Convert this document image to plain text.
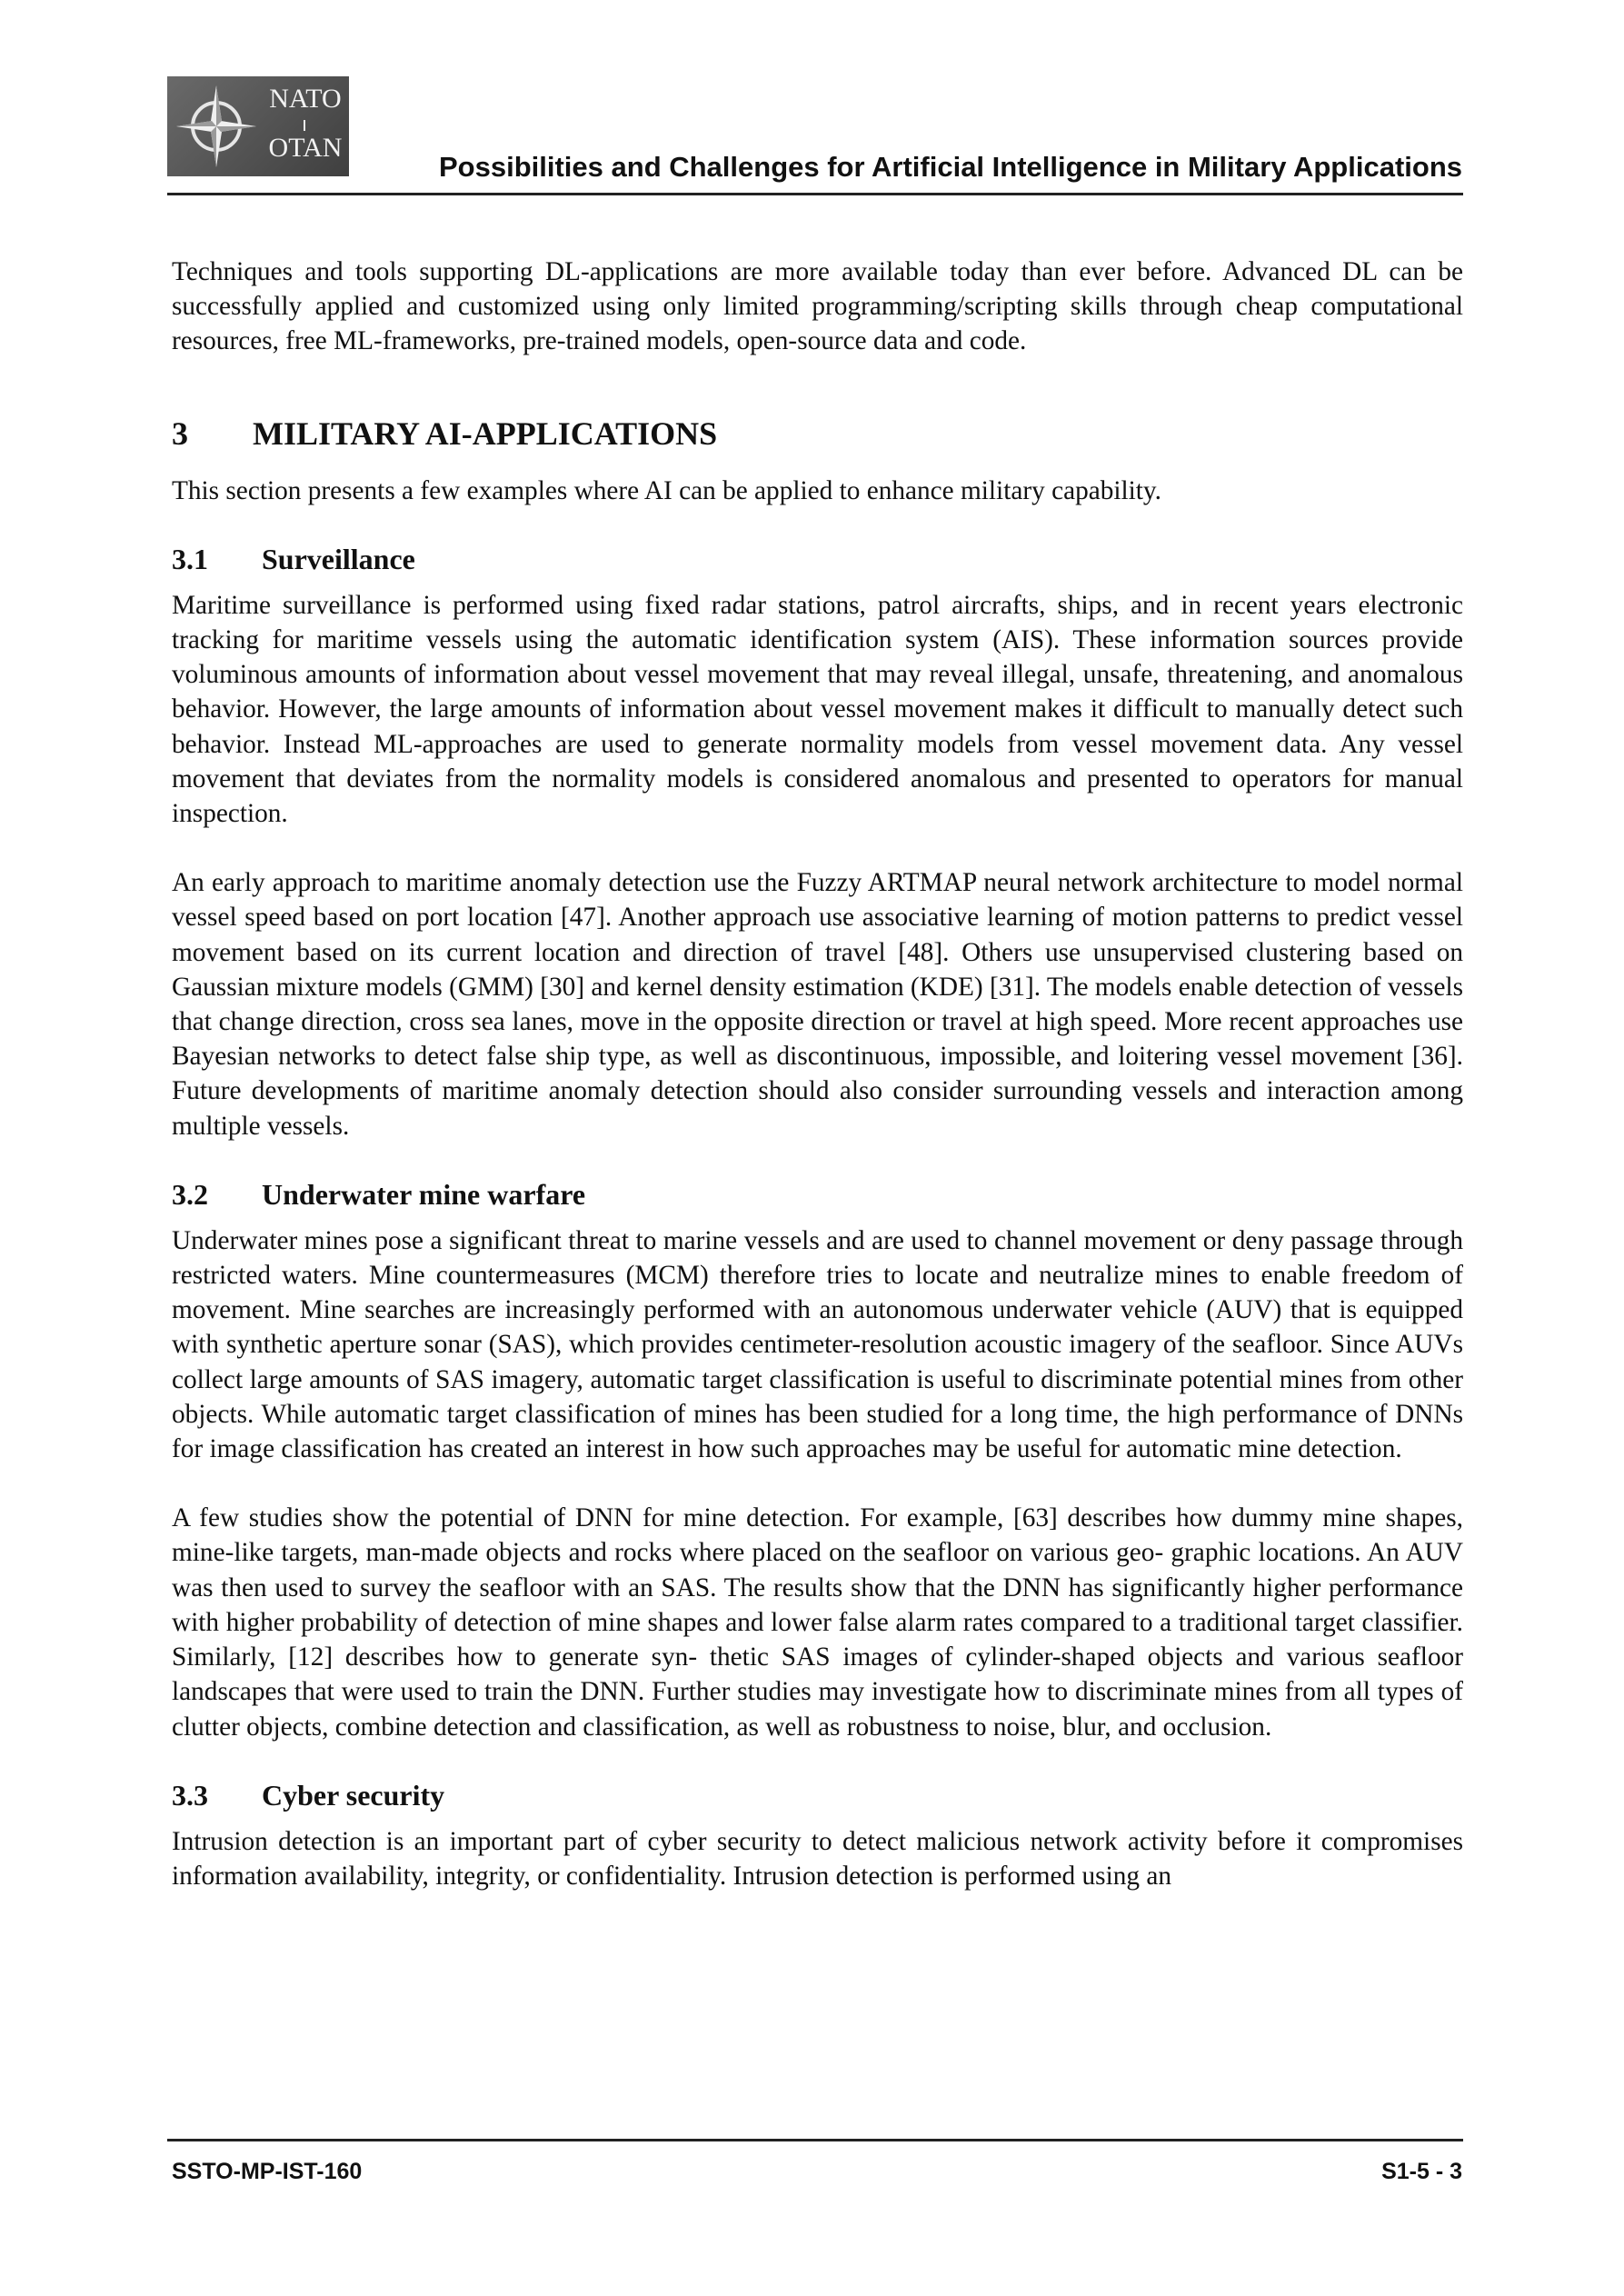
NATO
OTAN
Possibilities and Challenges for Artificial Intelligence in Military Applications

Techniques and tools supporting DL-applications are more available today than ever before. Advanced DL can be successfully applied and customized using only limited programming/scripting skills through cheap computational resources, free ML-frameworks, pre-trained models, open-source data and code.

3 MILITARY AI-APPLICATIONS

This section presents a few examples where AI can be applied to enhance military capability.

3.1 Surveillance

Maritime surveillance is performed using fixed radar stations, patrol aircrafts, ships, and in recent years electronic tracking for maritime vessels using the automatic identification system (AIS). These information sources provide voluminous amounts of information about vessel movement that may reveal illegal, unsafe, threatening, and anomalous behavior. However, the large amounts of information about vessel movement makes it difficult to manually detect such behavior. Instead ML-approaches are used to generate normality models from vessel movement data. Any vessel movement that deviates from the normality models is considered anomalous and presented to operators for manual inspection.

An early approach to maritime anomaly detection use the Fuzzy ARTMAP neural network architecture to model normal vessel speed based on port location [47]. Another approach use associative learning of motion patterns to predict vessel movement based on its current location and direction of travel [48]. Others use unsupervised clustering based on Gaussian mixture models (GMM) [30] and kernel density estimation (KDE) [31]. The models enable detection of vessels that change direction, cross sea lanes, move in the opposite direction or travel at high speed. More recent approaches use Bayesian networks to detect false ship type, as well as discontinuous, impossible, and loitering vessel movement [36]. Future developments of maritime anomaly detection should also consider surrounding vessels and interaction among multiple vessels.

3.2 Underwater mine warfare

Underwater mines pose a significant threat to marine vessels and are used to channel movement or deny passage through restricted waters. Mine countermeasures (MCM) therefore tries to locate and neutralize mines to enable freedom of movement. Mine searches are increasingly performed with an autonomous underwater vehicle (AUV) that is equipped with synthetic aperture sonar (SAS), which provides centimeter-resolution acoustic imagery of the seafloor. Since AUVs collect large amounts of SAS imagery, automatic target classification is useful to discriminate potential mines from other objects. While automatic target classification of mines has been studied for a long time, the high performance of DNNs for image classification has created an interest in how such approaches may be useful for automatic mine detection.

A few studies show the potential of DNN for mine detection. For example, [63] describes how dummy mine shapes, mine-like targets, man-made objects and rocks where placed on the seafloor on various geo- graphic locations. An AUV was then used to survey the seafloor with an SAS. The results show that the DNN has significantly higher performance with higher probability of detection of mine shapes and lower false alarm rates compared to a traditional target classifier. Similarly, [12] describes how to generate syn- thetic SAS images of cylinder-shaped objects and various seafloor landscapes that were used to train the DNN. Further studies may investigate how to discriminate mines from all types of clutter objects, combine detection and classification, as well as robustness to noise, blur, and occlusion.

3.3 Cyber security

Intrusion detection is an important part of cyber security to detect malicious network activity before it compromises information availability, integrity, or confidentiality. Intrusion detection is performed using an

SSTO-MP-IST-160	S1-5 - 3
